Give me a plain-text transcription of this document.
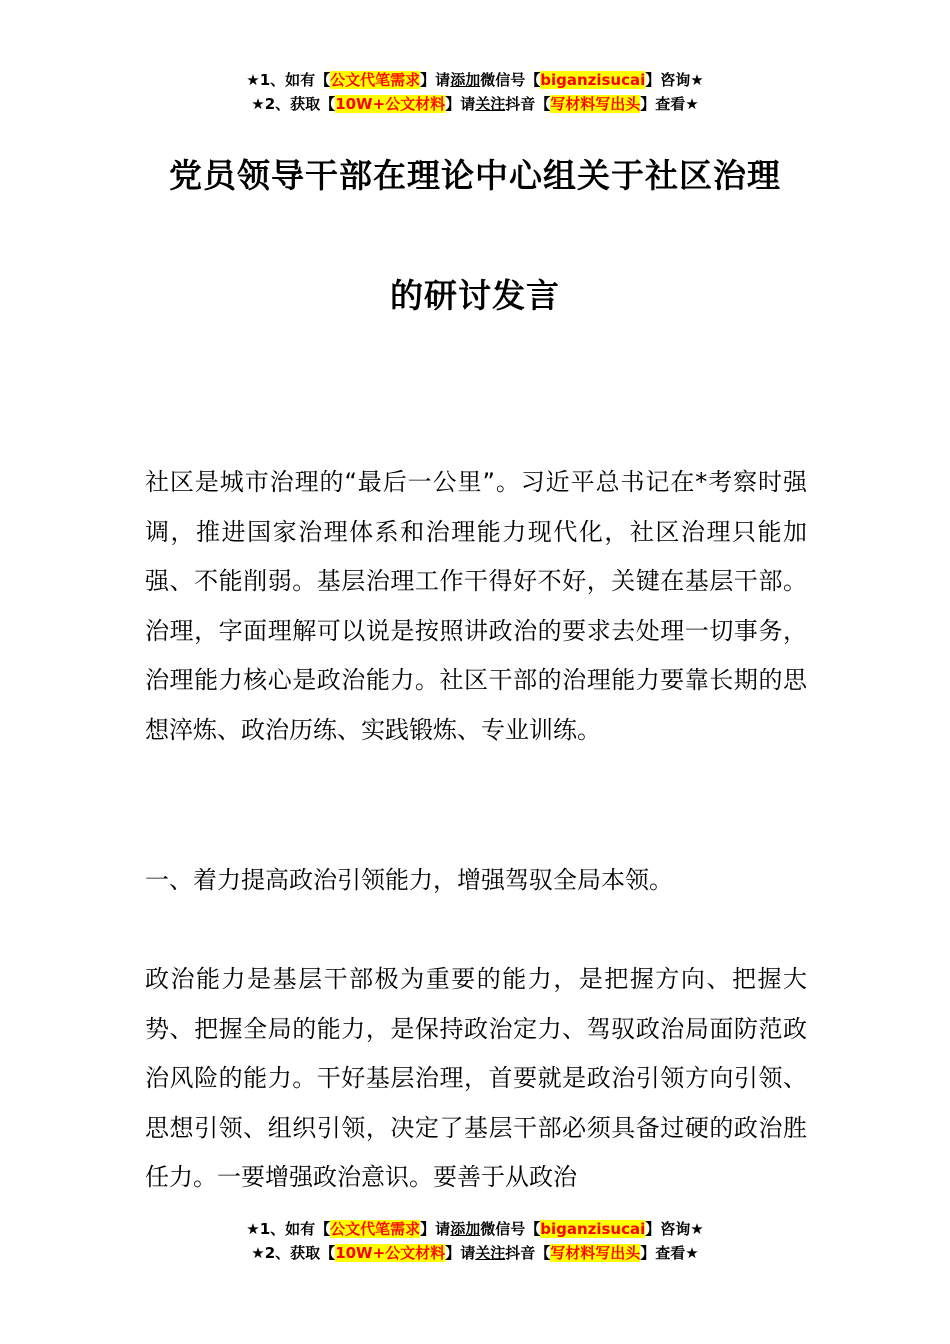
★1、如有【公文代笔需求】请添加微信号【biganzisucai】咨询★
★2、获取【10W+公文材料】请关注抖音【写材料写出头】查看★
党员领导干部在理论中心组关于社区治理
的研讨发言

社区是城市治理的“最后一公里”。习近平总书记在*考察时强调，推进国家治理体系和治理能力现代化，社区治理只能加强、不能削弱。基层治理工作干得好不好，关键在基层干部。治理，字面理解可以说是按照讲政治的要求去处理一切事务，治理能力核心是政治能力。社区干部的治理能力要靠长期的思想淬炼、政治历练、实践锻炼、专业训练。

一、着力提高政治引领能力，增强驾驭全局本领。

政治能力是基层干部极为重要的能力，是把握方向、把握大势、把握全局的能力，是保持政治定力、驾驭政治局面防范政治风险的能力。干好基层治理，首要就是政治引领方向引领、思想引领、组织引领，决定了基层干部必须具备过硬的政治胜任力。一要增强政治意识。要善于从政治

★1、如有【公文代笔需求】请添加微信号【biganzisucai】咨询★
★2、获取【10W+公文材料】请关注抖音【写材料写出头】查看★
